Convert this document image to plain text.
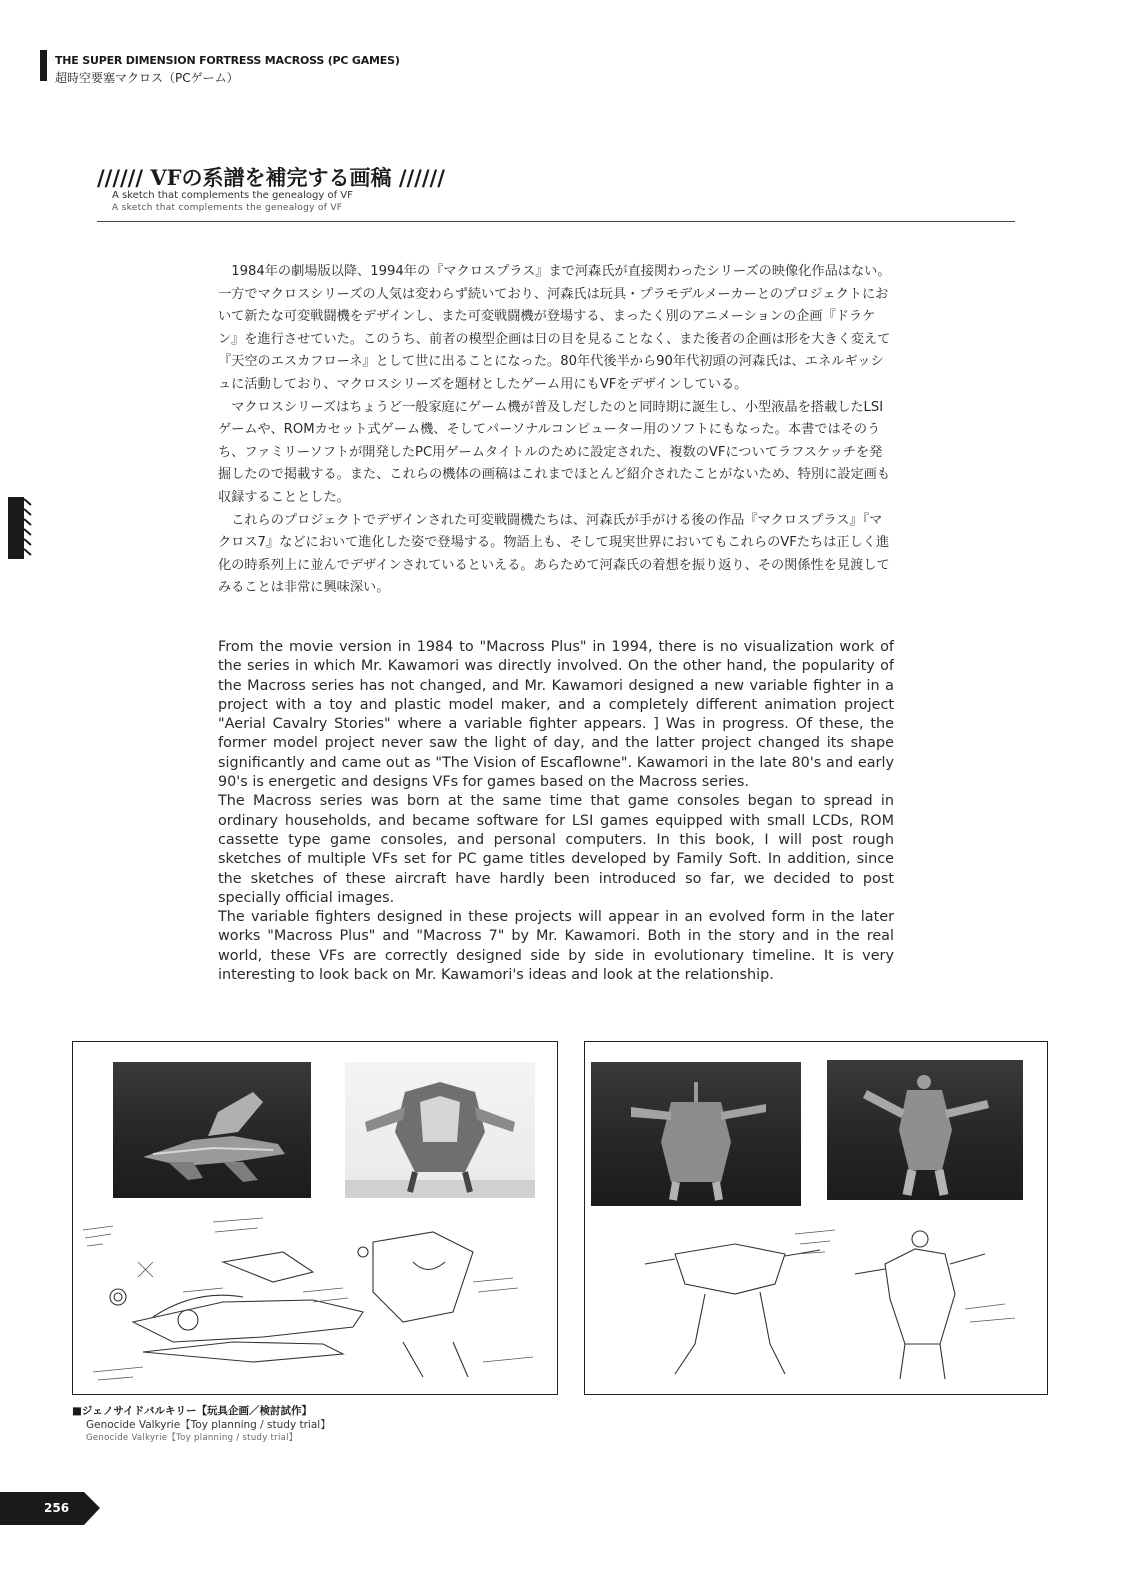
THE SUPER DIMENSION FORTRESS MACROSS (PC GAMES)
超時空要塞マクロス（PCゲーム）
////// VFの系譜を補完する画稿 //////
A sketch that complements the genealogy of VF
A sketch that complements the genealogy of VF

1984年の劇場版以降、1994年の『マクロスプラス』まで河森氏が直接関わったシリーズの映像化作品はない。一方でマクロスシリーズの人気は変わらず続いており、河森氏は玩具・プラモデルメーカーとのプロジェクトにおいて新たな可変戦闘機をデザインし、また可変戦闘機が登場する、まったく別のアニメーションの企画『ドラケン』を進行させていた。このうち、前者の模型企画は日の目を見ることなく、また後者の企画は形を大きく変えて『天空のエスカフローネ』として世に出ることになった。80年代後半から90年代初頭の河森氏は、エネルギッシュに活動しており、マクロスシリーズを題材としたゲーム用にもVFをデザインしている。

マクロスシリーズはちょうど一般家庭にゲーム機が普及しだしたのと同時期に誕生し、小型液晶を搭載したLSIゲームや、ROMカセット式ゲーム機、そしてパーソナルコンピューター用のソフトにもなった。本書ではそのうち、ファミリーソフトが開発したPC用ゲームタイトルのために設定された、複数のVFについてラフスケッチを発掘したので掲載する。また、これらの機体の画稿はこれまでほとんど紹介されたことがないため、特別に設定画も収録することとした。

これらのプロジェクトでデザインされた可変戦闘機たちは、河森氏が手がける後の作品『マクロスプラス』『マクロス7』などにおいて進化した姿で登場する。物語上も、そして現実世界においてもこれらのVFたちは正しく進化の時系列上に並んでデザインされているといえる。あらためて河森氏の着想を振り返り、その関係性を見渡してみることは非常に興味深い。

From the movie version in 1984 to "Macross Plus" in 1994, there is no visualization work of the series in which Mr. Kawamori was directly involved. On the other hand, the popularity of the Macross series has not changed, and Mr. Kawamori designed a new variable fighter in a project with a toy and plastic model maker, and a completely different animation project "Aerial Cavalry Stories" where a variable fighter appears. ] Was in progress. Of these, the former model project never saw the light of day, and the latter project changed its shape significantly and came out as "The Vision of Escaflowne". Kawamori in the late 80's and early 90's is energetic and designs VFs for games based on the Macross series.

The Macross series was born at the same time that game consoles began to spread in ordinary households, and became software for LSI games equipped with small LCDs, ROM cassette type game consoles, and personal computers. In this book, I will post rough sketches of multiple VFs set for PC game titles developed by Family Soft. In addition, since the sketches of these aircraft have hardly been introduced so far, we decided to post specially official images.

The variable fighters designed in these projects will appear in an evolved form in the later works "Macross Plus" and "Macross 7" by Mr. Kawamori. Both in the story and in the real world, these VFs are correctly designed side by side in evolutionary timeline. It is very interesting to look back on Mr. Kawamori's ideas and look at the relationship.

■ジェノサイドバルキリー【玩具企画／検討試作】
Genocide Valkyrie【Toy planning / study trial】
Genocide Valkyrie【Toy planning / study trial】
256
